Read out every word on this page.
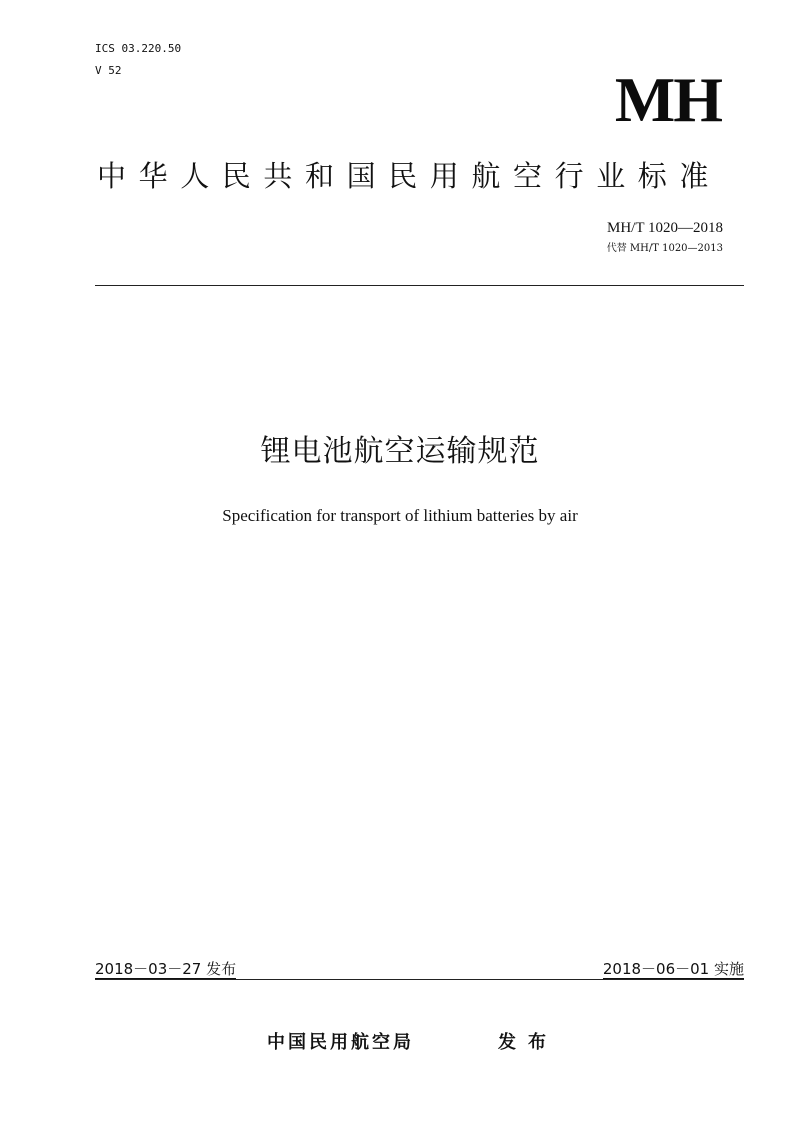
ICS 03.220.50
V 52	MH
中华人民共和国民用航空行业标准
MH/T 1020—2018
代替 MH/T 1020—2013
锂电池航空运输规范
Specification for transport of lithium batteries by air
2018－03－27 发布	2018－06－01 实施
中国民用航空局	发布
